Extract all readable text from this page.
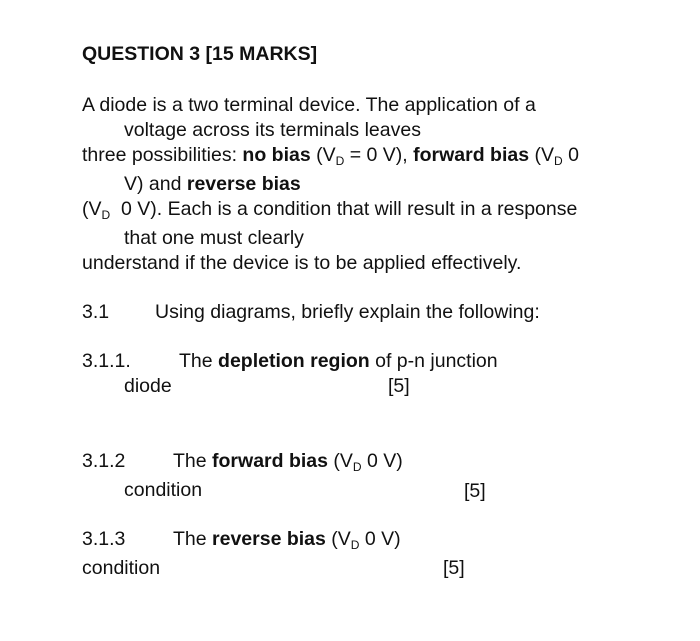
QUESTION 3 [15 MARKS]
A diode is a two terminal device. The application of a
voltage across its terminals leaves
three possibilities: no bias ($V_D = 0$ V), forward bias ($V_D$ 0
V) and reverse bias
($V_D$  0 V). Each is a condition that will result in a response
that one must clearly
understand if the device is to be applied effectively.
3.1 Using diagrams, briefly explain the following:
3.1.1. The depletion region of p-n junction
diode	[5]
3.1.2 The forward bias ($V_D$ 0 V)
condition	[5]
3.1.3 The reverse bias ($V_D$ 0 V)
condition	[5]
